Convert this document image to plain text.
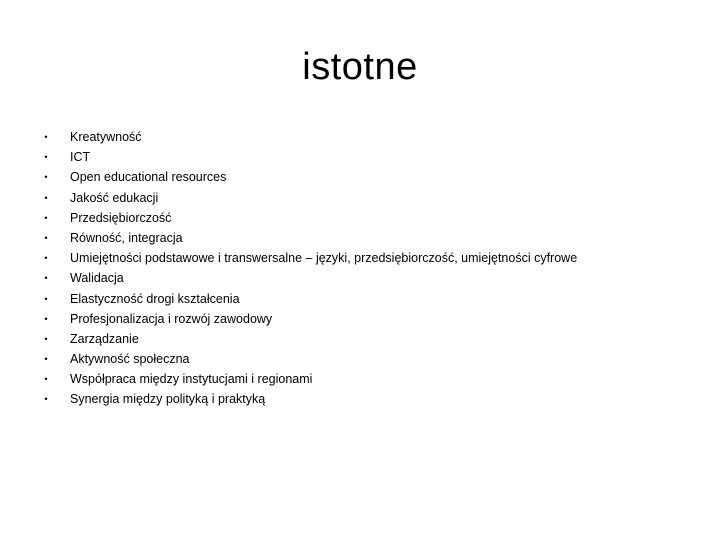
istotne
•	Kreatywność
•	ICT
•	Open educational resources
•	Jakość edukacji
•	Przedsiębiorczość
•	Równość, integracja
•	Umiejętności podstawowe i transwersalne – języki, przedsiębiorczość, umiejętności cyfrowe
•	Walidacja
•	Elastyczność drogi kształcenia
•	Profesjonalizacja i rozwój zawodowy
•	Zarządzanie
•	Aktywność społeczna
•	Współpraca między instytucjami i regionami
•	Synergia między polityką i praktyką
